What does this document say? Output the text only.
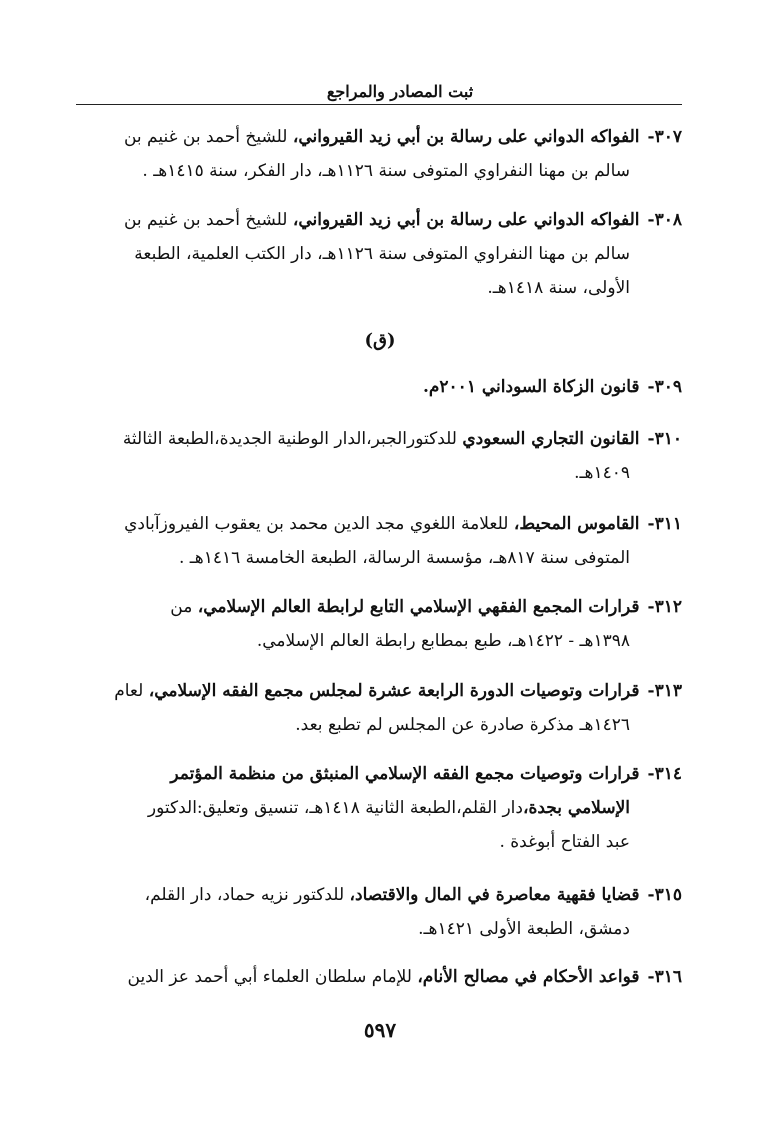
ثبت المصادر والمراجع
٣٠٧-الفواكه الدواني على رسالة بن أبي زيد القيرواني، للشيخ أحمد بن غنيم بن
سالم بن مهنا النفراوي المتوفى سنة ١١٢٦هـ، دار الفكر، سنة ١٤١٥هـ .
٣٠٨-الفواكه الدواني على رسالة بن أبي زيد القيرواني، للشيخ أحمد بن غنيم بن
سالم بن مهنا النفراوي المتوفى سنة ١١٢٦هـ، دار الكتب العلمية، الطبعة
الأولى، سنة ١٤١٨هـ.
(ق)
٣٠٩-قانون الزكاة السوداني ٢٠٠١م.
٣١٠-القانون التجاري السعودي للدكتورالجبر،الدار الوطنية الجديدة،الطبعة الثالثة
١٤٠٩هـ.
٣١١-القاموس المحيط، للعلامة اللغوي مجد الدين محمد بن يعقوب الفيروزآبادي
المتوفى سنة ٨١٧هـ، مؤسسة الرسالة، الطبعة الخامسة ١٤١٦هـ .
٣١٢-قرارات المجمع الفقهي الإسلامي التابع لرابطة العالم الإسلامي، من
١٣٩٨هـ - ١٤٢٢هـ، طبع بمطابع رابطة العالم الإسلامي.
٣١٣-قرارات وتوصيات الدورة الرابعة عشرة لمجلس مجمع الفقه الإسلامي، لعام
١٤٢٦هـ مذكرة صادرة عن المجلس لم تطبع بعد.
٣١٤-قرارات وتوصيات مجمع الفقه الإسلامي المنبثق من منظمة المؤتمر
الإسلامي بجدة،دار القلم،الطبعة الثانية ١٤١٨هـ، تنسيق وتعليق:الدكتور
عبد الفتاح أبوغدة .
٣١٥-قضايا فقهية معاصرة في المال والاقتصاد، للدكتور نزيه حماد، دار القلم،
دمشق، الطبعة الأولى ١٤٢١هـ.
٣١٦-قواعد الأحكام في مصالح الأنام، للإمام سلطان العلماء أبي أحمد عز الدين
٥٩٧
